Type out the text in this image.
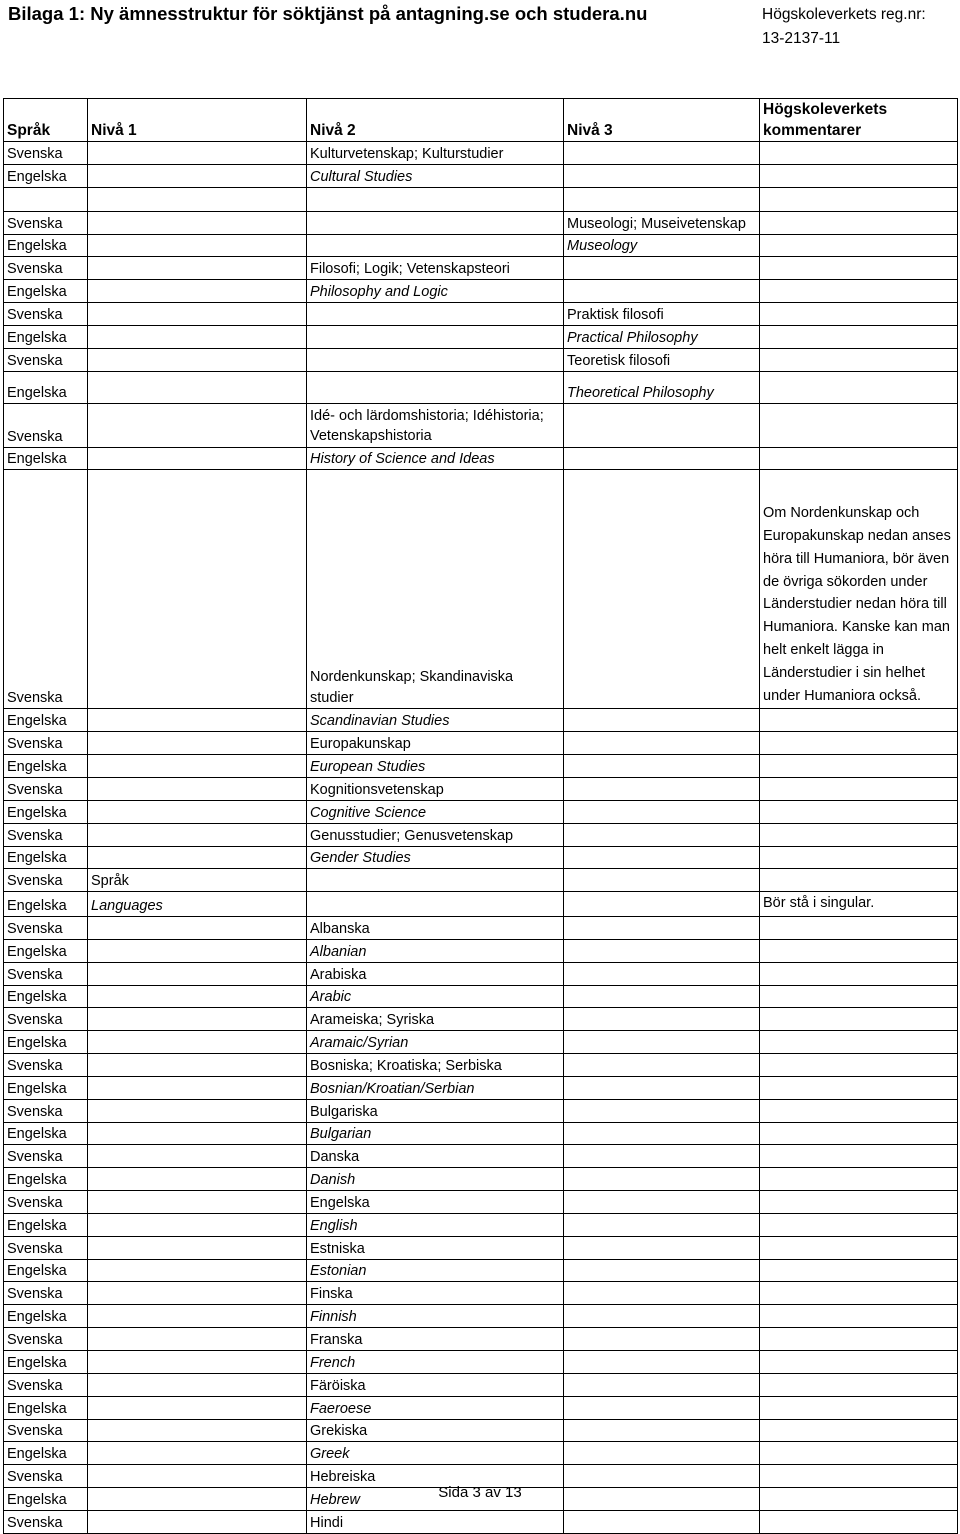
Bilaga 1: Ny ämnesstruktur för söktjänst på antagning.se och studera.nu	Högskoleverkets reg.nr:
13-2137-11
Språk	Nivå 1	Nivå 2	Nivå 3	Högskoleverkets
kommentarer

Svenska		Kulturvetenskap; Kulturstudier		
Engelska		Cultural Studies		

Svenska			Museologi; Museivetenskap	
Engelska			Museology	
Svenska		Filosofi; Logik; Vetenskapsteori		
Engelska		Philosophy and Logic		
Svenska			Praktisk filosofi	
Engelska			Practical Philosophy	
Svenska			Teoretisk filosofi	
Engelska			Theoretical Philosophy	
Svenska		Idé- och lärdomshistoria; Idéhistoria; Vetenskapshistoria		
Engelska		History of Science and Ideas		
Svenska		Nordenkunskap; Skandinaviska studier		Om Nordenkunskap och Europakunskap nedan anses höra till Humaniora, bör även de övriga sökorden under Länderstudier nedan höra till Humaniora. Kanske kan man helt enkelt lägga in Länderstudier i sin helhet under Humaniora också.
Engelska		Scandinavian Studies		
Svenska		Europakunskap		
Engelska		European Studies		
Svenska		Kognitionsvetenskap		
Engelska		Cognitive Science		
Svenska		Genusstudier; Genusvetenskap		
Engelska		Gender Studies		
Svenska	Språk			
Engelska	Languages			Bör stå i singular.
Svenska		Albanska		
Engelska		Albanian		
Svenska		Arabiska		
Engelska		Arabic		
Svenska		Arameiska; Syriska		
Engelska		Aramaic/Syrian		
Svenska		Bosniska; Kroatiska; Serbiska		
Engelska		Bosnian/Kroatian/Serbian		
Svenska		Bulgariska		
Engelska		Bulgarian		
Svenska		Danska		
Engelska		Danish		
Svenska		Engelska		
Engelska		English		
Svenska		Estniska		
Engelska		Estonian		
Svenska		Finska		
Engelska		Finnish		
Svenska		Franska		
Engelska		French		
Svenska		Färöiska		
Engelska		Faeroese		
Svenska		Grekiska		
Engelska		Greek		
Svenska		Hebreiska		
Engelska		Hebrew		
Svenska		Hindi		
Sida 3 av 13
